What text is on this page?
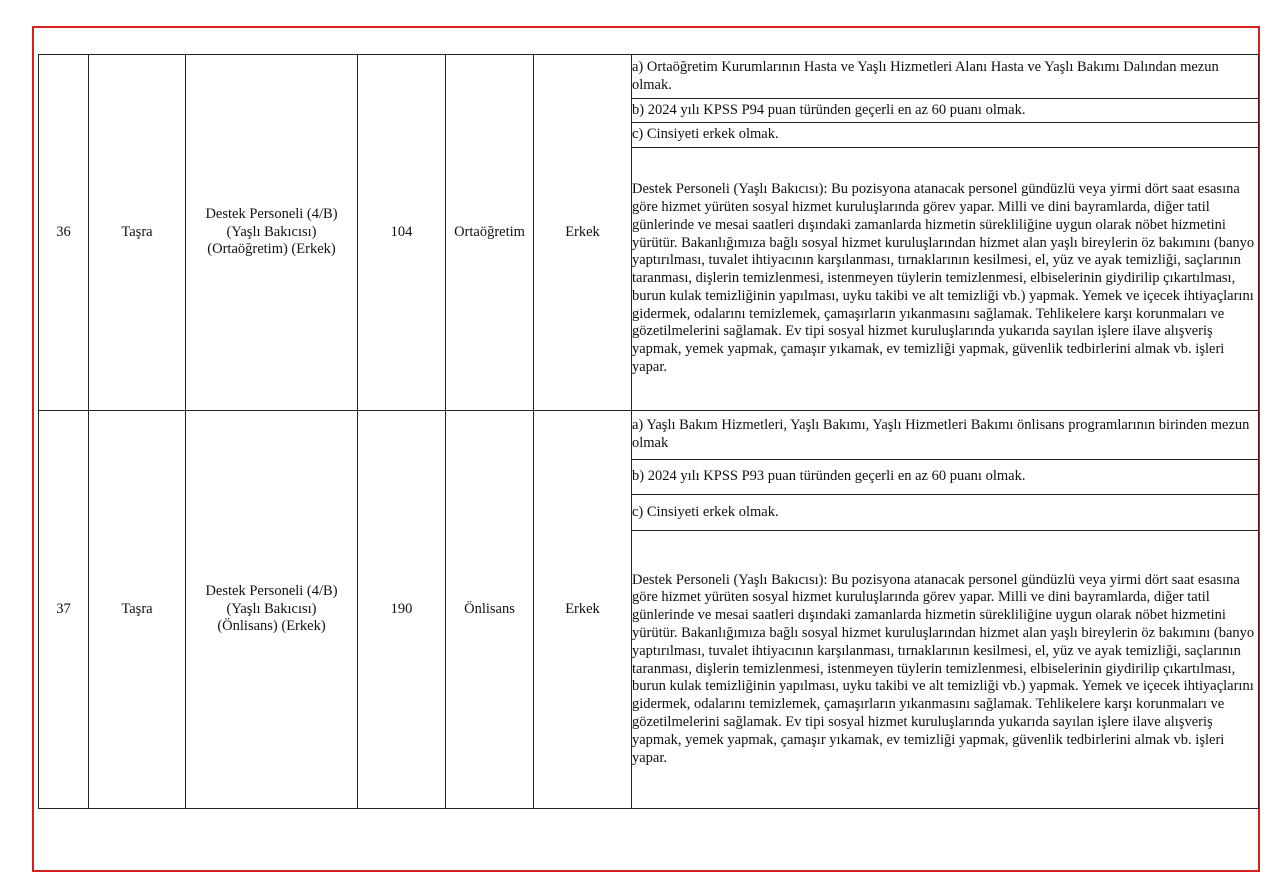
36	Taşra	Destek Personeli (4/B) (Yaşlı Bakıcısı) (Ortaöğretim) (Erkek)	104	Ortaöğretim	Erkek	a) Ortaöğretim Kurumlarının Hasta ve Yaşlı Hizmetleri Alanı Hasta ve Yaşlı Bakımı Dalından mezun olmak.
						b) 2024 yılı KPSS P94 puan türünden geçerli en az 60 puanı olmak.
						c) Cinsiyeti erkek olmak.
						Destek Personeli (Yaşlı Bakıcısı): Bu pozisyona atanacak personel gündüzlü veya yirmi dört saat esasına göre hizmet yürüten sosyal hizmet kuruluşlarında görev yapar. Milli ve dini bayramlarda, diğer tatil günlerinde ve mesai saatleri dışındaki zamanlarda hizmetin sürekliliğine uygun olarak nöbet hizmetini yürütür. Bakanlığımıza bağlı sosyal hizmet kuruluşlarından hizmet alan yaşlı bireylerin öz bakımını (banyo yaptırılması, tuvalet ihtiyacının karşılanması, tırnaklarının kesilmesi, el, yüz ve ayak temizliği, saçlarının taranması, dişlerin temizlenmesi, istenmeyen tüylerin temizlenmesi, elbiselerinin giydirilip çıkartılması, burun kulak temizliğinin yapılması, uyku takibi ve alt temizliği vb.) yapmak. Yemek ve içecek ihtiyaçlarını gidermek, odalarını temizlemek, çamaşırların yıkanmasını sağlamak. Tehlikelere karşı korunmaları ve gözetilmelerini sağlamak. Ev tipi sosyal hizmet kuruluşlarında yukarıda sayılan işlere ilave alışveriş yapmak, yemek yapmak, çamaşır yıkamak, ev temizliği yapmak, güvenlik tedbirlerini almak vb. işleri yapar.
37	Taşra	Destek Personeli (4/B) (Yaşlı Bakıcısı) (Önlisans) (Erkek)	190	Önlisans	Erkek	a) Yaşlı Bakım Hizmetleri, Yaşlı Bakımı, Yaşlı Hizmetleri Bakımı önlisans programlarının birinden mezun olmak
						b) 2024 yılı KPSS P93 puan türünden geçerli en az 60 puanı olmak.
						c) Cinsiyeti erkek olmak.
						Destek Personeli (Yaşlı Bakıcısı): Bu pozisyona atanacak personel gündüzlü veya yirmi dört saat esasına göre hizmet yürüten sosyal hizmet kuruluşlarında görev yapar. Milli ve dini bayramlarda, diğer tatil günlerinde ve mesai saatleri dışındaki zamanlarda hizmetin sürekliliğine uygun olarak nöbet hizmetini yürütür. Bakanlığımıza bağlı sosyal hizmet kuruluşlarından hizmet alan yaşlı bireylerin öz bakımını (banyo yaptırılması, tuvalet ihtiyacının karşılanması, tırnaklarının kesilmesi, el, yüz ve ayak temizliği, saçlarının taranması, dişlerin temizlenmesi, istenmeyen tüylerin temizlenmesi, elbiselerinin giydirilip çıkartılması, burun kulak temizliğinin yapılması, uyku takibi ve alt temizliği vb.) yapmak. Yemek ve içecek ihtiyaçlarını gidermek, odalarını temizlemek, çamaşırların yıkanmasını sağlamak. Tehlikelere karşı korunmaları ve gözetilmelerini sağlamak. Ev tipi sosyal hizmet kuruluşlarında yukarıda sayılan işlere ilave alışveriş yapmak, yemek yapmak, çamaşır yıkamak, ev temizliği yapmak, güvenlik tedbirlerini almak vb. işleri yapar.
